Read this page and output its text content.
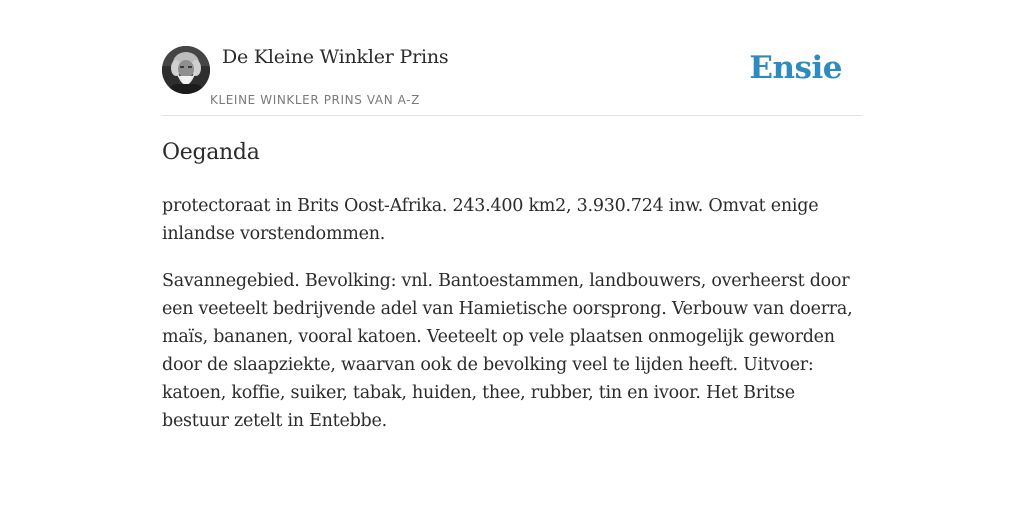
De Kleine Winkler Prins
KLEINE WINKLER PRINS VAN A-Z
Ensie
Oeganda

protectoraat in Brits Oost-Afrika. 243.400 km2, 3.930.724 inw. Omvat enige inlandse vorstendommen.

Savannegebied. Bevolking: vnl. Bantoestammen, landbouwers, overheerst door een veeteelt bedrijvende adel van Hamietische oorsprong. Verbouw van doerra, maïs, bananen, vooral katoen. Veeteelt op vele plaatsen onmogelijk geworden door de slaapziekte, waarvan ook de bevolking veel te lijden heeft. Uitvoer: katoen, koffie, suiker, tabak, huiden, thee, rubber, tin en ivoor. Het Britse bestuur zetelt in Entebbe.
